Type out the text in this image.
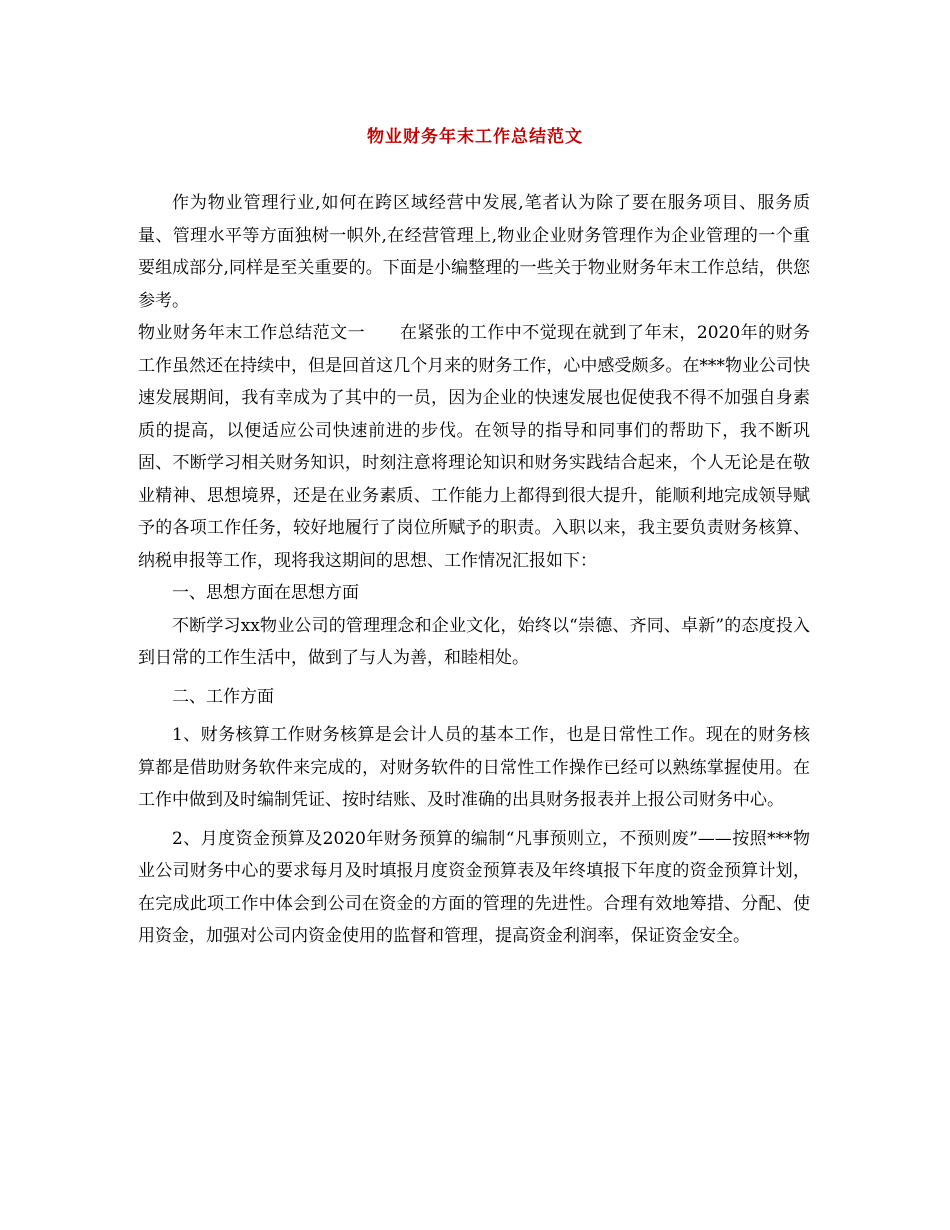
物业财务年末工作总结范文

作为物业管理行业,如何在跨区域经营中发展,笔者认为除了要在服务项目、服务质量、管理水平等方面独树一帜外,在经营管理上,物业企业财务管理作为企业管理的一个重要组成部分,同样是至关重要的。下面是小编整理的一些关于物业财务年末工作总结，供您参考。

物业财务年末工作总结范文一　　在紧张的工作中不觉现在就到了年末，2020年的财务工作虽然还在持续中，但是回首这几个月来的财务工作，心中感受颇多。在***物业公司快速发展期间，我有幸成为了其中的一员，因为企业的快速发展也促使我不得不加强自身素质的提高，以便适应公司快速前进的步伐。在领导的指导和同事们的帮助下，我不断巩固、不断学习相关财务知识，时刻注意将理论知识和财务实践结合起来，个人无论是在敬业精神、思想境界，还是在业务素质、工作能力上都得到很大提升，能顺利地完成领导赋予的各项工作任务，较好地履行了岗位所赋予的职责。入职以来，我主要负责财务核算、纳税申报等工作，现将我这期间的思想、工作情况汇报如下：

一、思想方面在思想方面

不断学习xx物业公司的管理理念和企业文化，始终以“崇德、齐同、卓新”的态度投入到日常的工作生活中，做到了与人为善，和睦相处。

二、工作方面

1、财务核算工作财务核算是会计人员的基本工作，也是日常性工作。现在的财务核算都是借助财务软件来完成的，对财务软件的日常性工作操作已经可以熟练掌握使用。在工作中做到及时编制凭证、按时结账、及时准确的出具财务报表并上报公司财务中心。

2、月度资金预算及2020年财务预算的编制“凡事预则立，不预则废”——按照***物业公司财务中心的要求每月及时填报月度资金预算表及年终填报下年度的资金预算计划，在完成此项工作中体会到公司在资金的方面的管理的先进性。合理有效地筹措、分配、使用资金，加强对公司内资金使用的监督和管理，提高资金利润率，保证资金安全。
